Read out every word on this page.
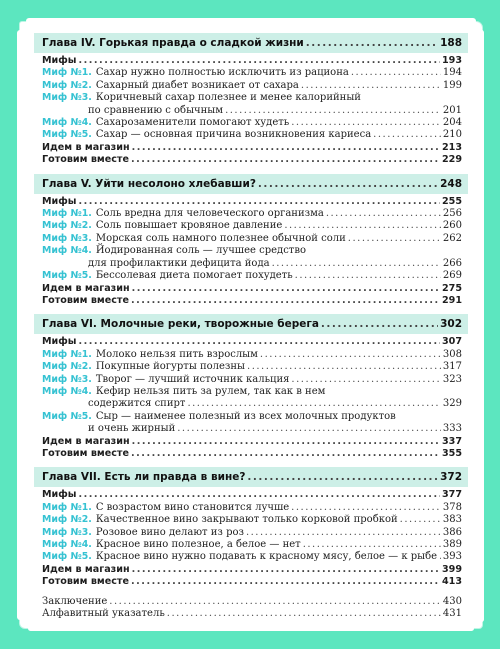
Глава IV. Горькая правда о сладкой жизни .....	188
Мифы .....	193
Миф №1. Сахар нужно полностью исключить из рациона .....	194
Миф №2. Сахарный диабет возникает от сахара .....	199
Миф №3. Коричневый сахар полезнее и менее калорийный
по сравнению с обычным .....	201
Миф №4. Сахарозаменители помогают худеть .....	204
Миф №5. Сахар — основная причина возникновения кариеса .....	210
Идем в магазин .....	213
Готовим вместе .....	229
Глава V. Уйти несолоно хлебавши? .....	248
Мифы .....	255
Миф №1. Соль вредна для человеческого организма .....	256
Миф №2. Соль повышает кровяное давление .....	260
Миф №3. Морская соль намного полезнее обычной соли .....	262
Миф №4. Йодированная соль — лучшее средство
для профилактики дефицита йода .....	266
Миф №5. Бессолевая диета помогает похудеть .....	269
Идем в магазин .....	275
Готовим вместе .....	291
Глава VI. Молочные реки, творожные берега .....	302
Мифы .....	307
Миф №1. Молоко нельзя пить взрослым .....	308
Миф №2. Покупные йогурты полезны .....	317
Миф №3. Творог — лучший источник кальция .....	323
Миф №4. Кефир нельзя пить за рулем, так как в нем
содержится спирт .....	329
Миф №5. Сыр — наименее полезный из всех молочных продуктов
и очень жирный .....	333
Идем в магазин .....	337
Готовим вместе .....	355
Глава VII. Есть ли правда в вине? .....	372
Мифы .....	377
Миф №1. С возрастом вино становится лучше .....	378
Миф №2. Качественное вино закрывают только корковой пробкой .....	383
Миф №3. Розовое вино делают из роз .....	386
Миф №4. Красное вино полезное, а белое — нет .....	389
Миф №5. Красное вино нужно подавать к красному мясу, белое — к рыбе ..... 393
Идем в магазин .....	399
Готовим вместе .....	413
Заключение .....	430
Алфавитный указатель .....	431
